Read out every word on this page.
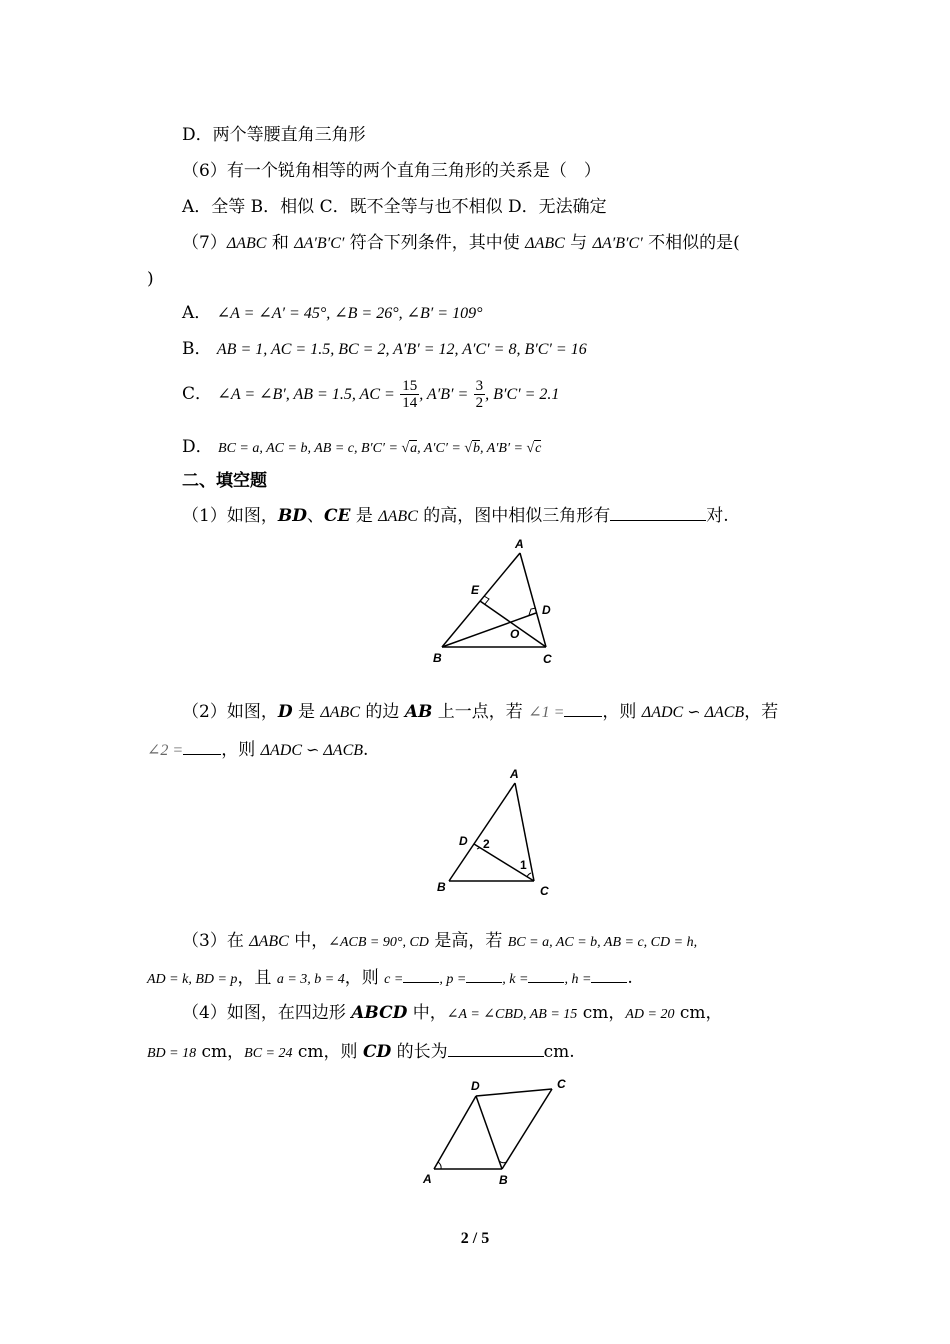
D．两个等腰直角三角形
（6）有一个锐角相等的两个直角三角形的关系是（　）
A．全等 B．相似 C．既不全等与也不相似 D．无法确定
（7）ΔABC 和 ΔA′B′C′ 符合下列条件，其中使 ΔABC 与 ΔA′B′C′ 不相似的是(
)
A． ∠A = ∠A′ = 45°, ∠B = 26°, ∠B′ = 109°
B． AB = 1, AC = 1.5, BC = 2, A′B′ = 12, A′C′ = 8, B′C′ = 16
C． ∠A = ∠B′, AB = 1.5, AC = $\frac{15}{14}$ , $A'B' = \frac{3}{2}$ , B′C′ = 2.1
D． BC = a, AC = b, AB = c, B′C′ = √a, A′C′ = √b, A′B′ = √c
二、填空题
（1）如图，BD、CE 是 ΔABC 的高，图中相似三角形有	对.
A
B	C
D
E
O
（2）如图，D 是 ΔABC 的边 AB 上一点，若 ∠1 = ，则 ΔADC ∽ ΔACB，若
∠2 = ，则 ΔADC ∽ ΔACB.
A
B	C
D 2
1
（3）在 ΔABC 中，∠ACB = 90°, CD 是高，若 BC = a, AC = b, AB = c, CD = h,
AD = k, BD = p，且 a = 3, b = 4，则 c =	, p =	, k =	, h = .
（4）如图，在四边形 ABCD 中，∠A = ∠CBD, AB = 15 cm，AD = 20 cm，
BD = 18 cm，BC = 24 cm，则 CD 的长为	cm.
D	C
A	B
2 / 5
